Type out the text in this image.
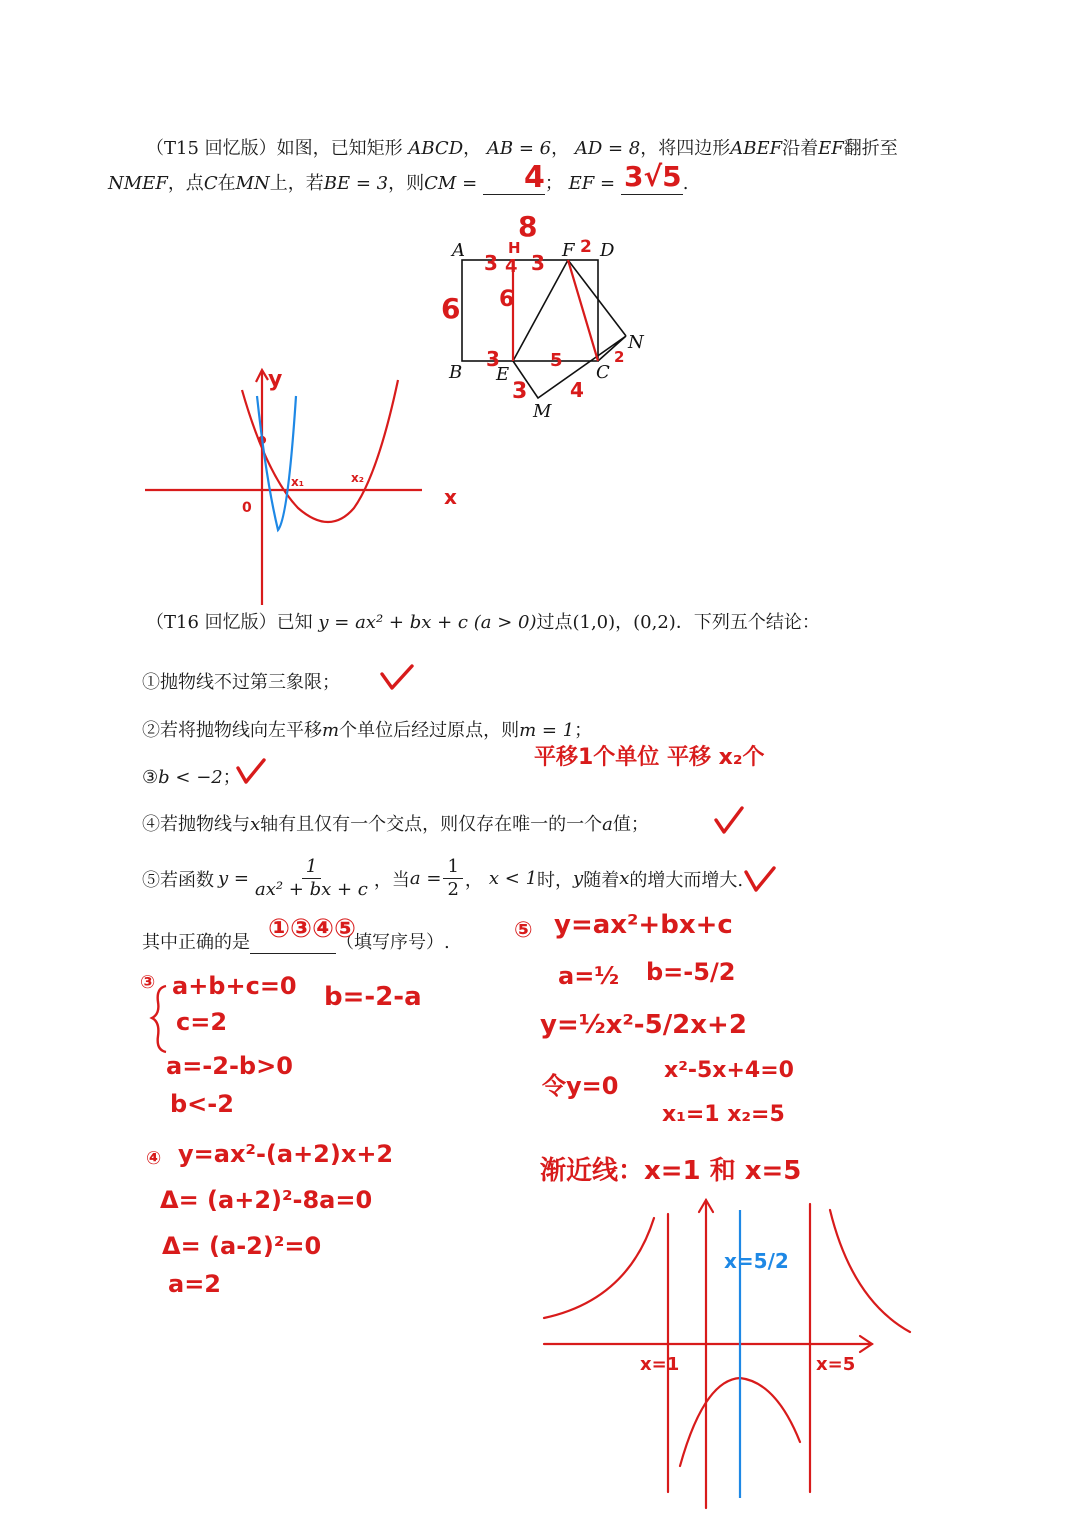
（T15 回忆版）如图，已知矩形 ABCD， AB = 6， AD = 8，将四边形ABEF沿着EF翻折至
NMEF，点C在MN上，若BE = 3，则CM =	； EF =	.
4	3√5
A
B	C
D
E
F
M
N
8
H	2
6 6
3 4 3
3	5	2
3 4
y
x
0
x₁	x₂
（T16 回忆版）已知 y = ax² + bx + c (a > 0)过点(1,0)，(0,2)．下列五个结论：
①抛物线不过第三象限；
②若将抛物线向左平移m个单位后经过原点，则m = 1；
平移1个单位 平移 x₂个
③b < −2；
④若抛物线与x轴有且仅有一个交点，则仅存在唯一的一个a值；
⑤若函数 $y = \frac{1}{\text{ax² + bx + c}}$ ，当 $a = \frac{1}{2}$ ， x < 1 时， y 随着 x 的增大而增大.
其中正确的是	（填写序号）.
①③④⑤
③ a+b+c=0
c=2
b=-2-a
a=-2-b>0
b<-2
④ y=ax²-(a+2)x+2
Δ= (a+2)²-8a=0
Δ= (a-2)²=0
a=2
⑤ y=ax²+bx+c
a=½ b=-5/2
y=½x²-5/2x+2
令y=0
x²-5x+4=0
x₁=1 x₂=5
渐近线：x=1 和 x=5
x=5/2
x=1	x=5
